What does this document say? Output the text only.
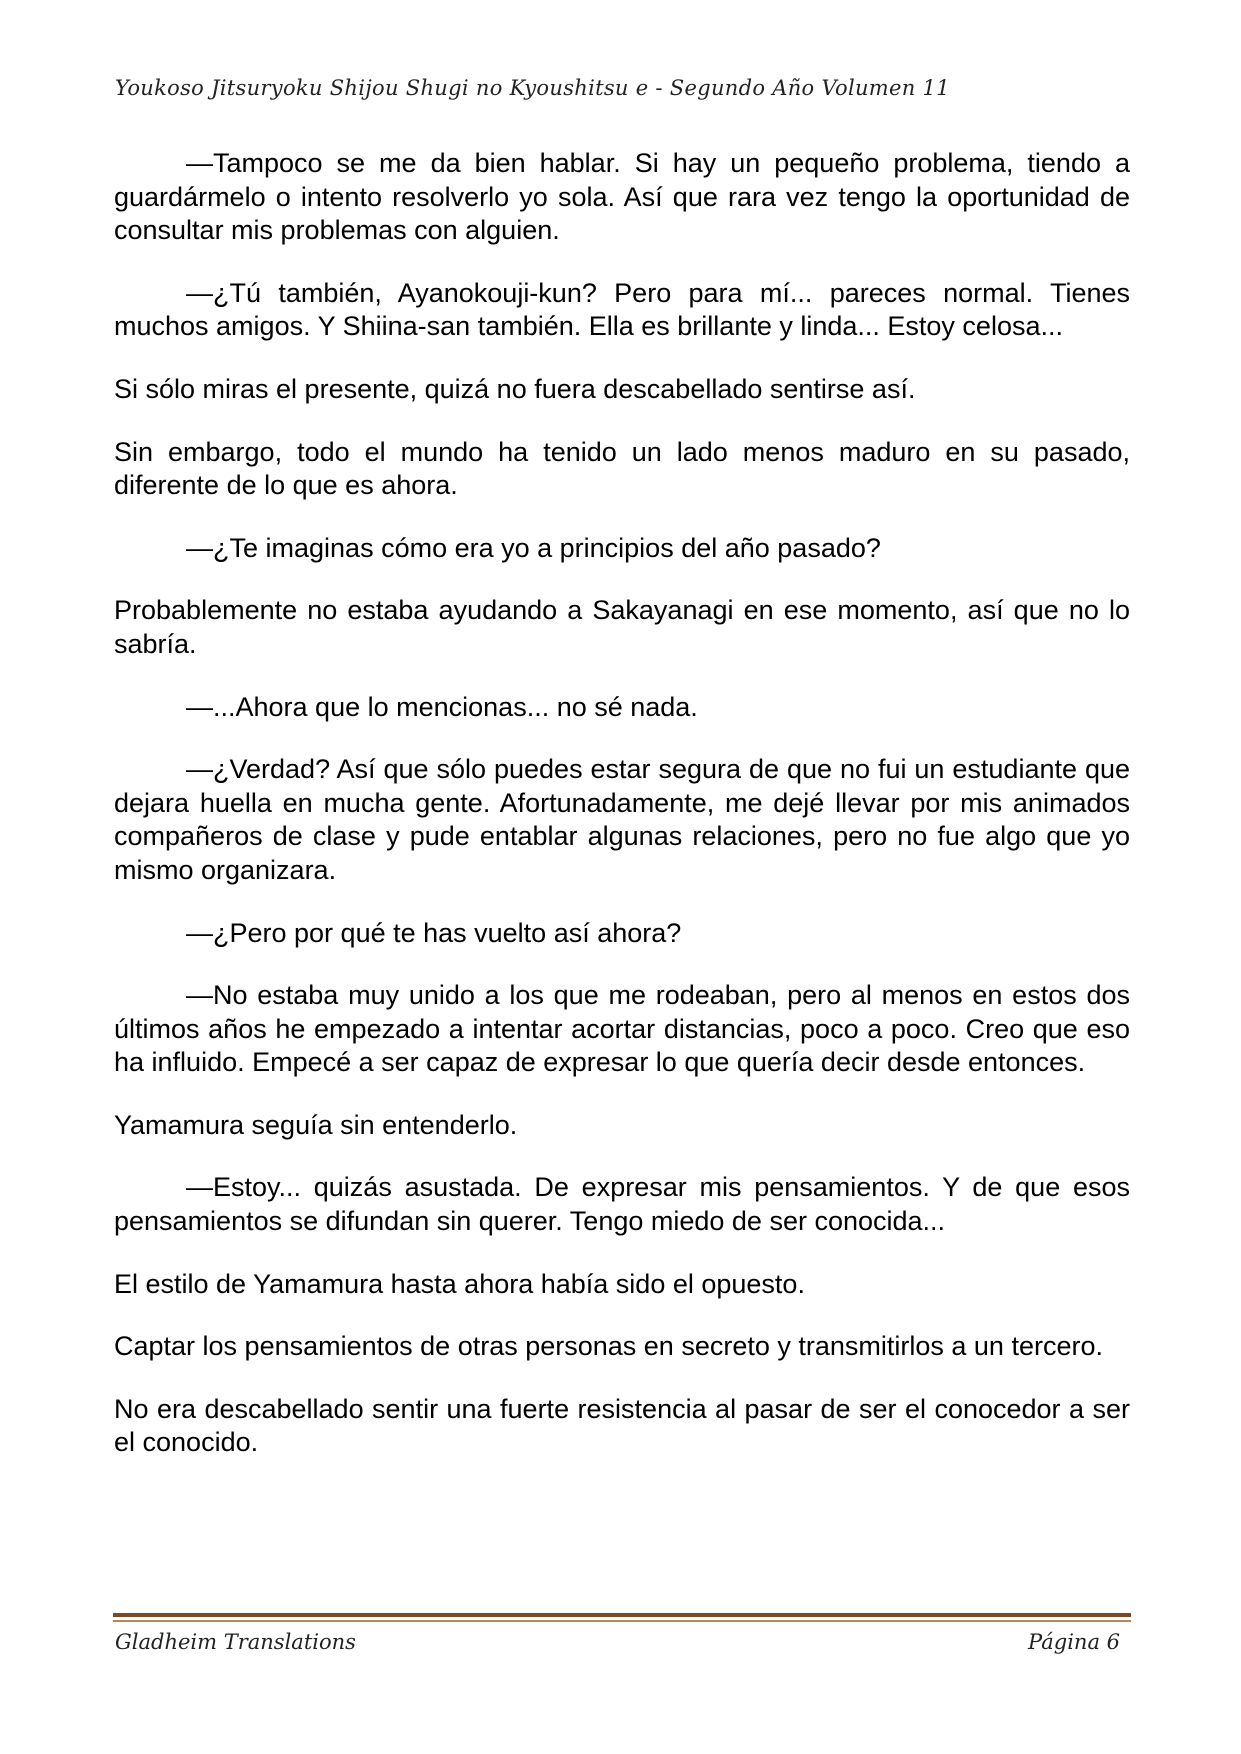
Youkoso Jitsuryoku Shijou Shugi no Kyoushitsu e - Segundo Año Volumen 11

—Tampoco se me da bien hablar. Si hay un pequeño problema, tiendo a guardármelo o intento resolverlo yo sola. Así que rara vez tengo la oportunidad de consultar mis problemas con alguien.

—¿Tú también, Ayanokouji-kun? Pero para mí... pareces normal. Tienes muchos amigos. Y Shiina-san también. Ella es brillante y linda... Estoy celosa...

Si sólo miras el presente, quizá no fuera descabellado sentirse así.

Sin embargo, todo el mundo ha tenido un lado menos maduro en su pasado, diferente de lo que es ahora.

—¿Te imaginas cómo era yo a principios del año pasado?

Probablemente no estaba ayudando a Sakayanagi en ese momento, así que no lo sabría.

—...Ahora que lo mencionas... no sé nada.

—¿Verdad? Así que sólo puedes estar segura de que no fui un estudiante que dejara huella en mucha gente. Afortunadamente, me dejé llevar por mis animados compañeros de clase y pude entablar algunas relaciones, pero no fue algo que yo mismo organizara.

—¿Pero por qué te has vuelto así ahora?

—No estaba muy unido a los que me rodeaban, pero al menos en estos dos últimos años he empezado a intentar acortar distancias, poco a poco. Creo que eso ha influido. Empecé a ser capaz de expresar lo que quería decir desde entonces.

Yamamura seguía sin entenderlo.

—Estoy... quizás asustada. De expresar mis pensamientos. Y de que esos pensamientos se difundan sin querer. Tengo miedo de ser conocida...

El estilo de Yamamura hasta ahora había sido el opuesto.

Captar los pensamientos de otras personas en secreto y transmitirlos a un tercero.

No era descabellado sentir una fuerte resistencia al pasar de ser el conocedor a ser el conocido.

Gladheim Translations	Página 6
